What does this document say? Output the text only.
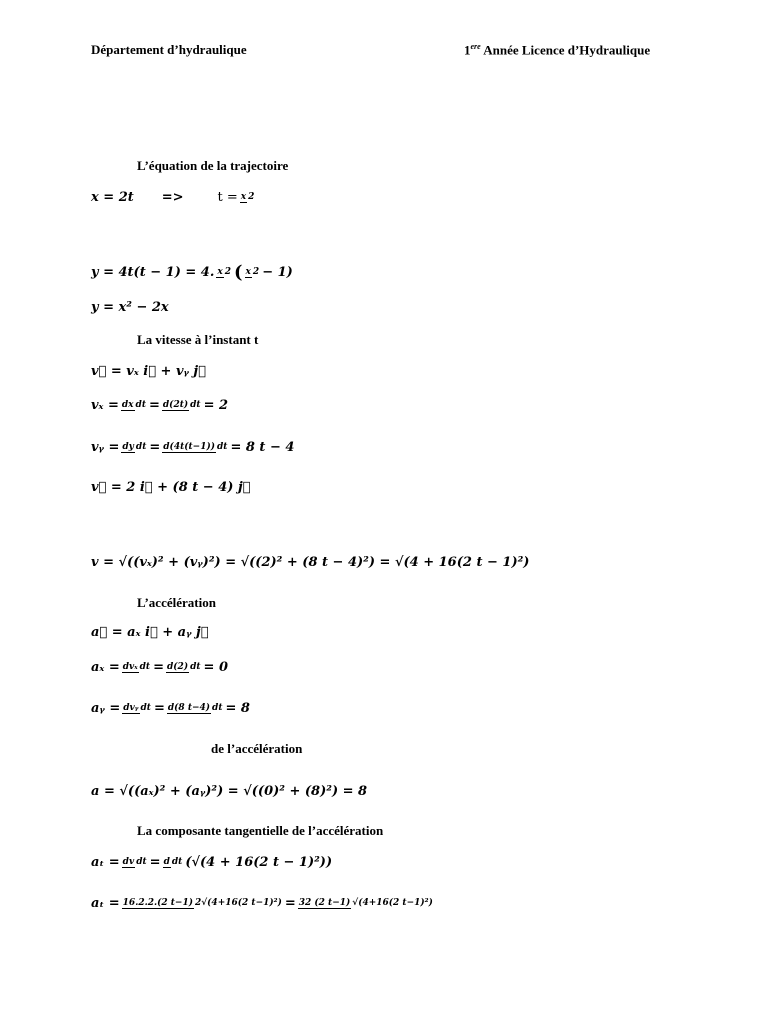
Département d’hydraulique	1ere Année Licence d’Hydraulique
L’équation de la trajectoire
x = 2t =>	t = x 2
y = 4t(t − 1) = 4. x 2 ( x 2 − 1)
y = x² − 2x
La vitesse à l’instant t
v⃗ = vₓ i⃗ + vᵧ j⃗
vₓ = dx dt = d(2t) dt = 2
vᵧ = dy dt = d(4t(t−1)) dt = 8 t − 4
v⃗ = 2 i⃗ + (8 t − 4) j⃗
v = √((vₓ)² + (vᵧ)²) = √((2)² + (8 t − 4)²) = √(4 + 16(2 t − 1)²)
L’accélération
a⃗ = aₓ i⃗ + aᵧ j⃗
aₓ = dvₓ dt = d(2) dt = 0
aᵧ = dvᵧ dt = d(8 t−4) dt = 8
de l’accélération
a = √((aₓ)² + (aᵧ)²) = √((0)² + (8)²) = 8
La composante tangentielle de l’accélération
aₜ = dv dt = d dt (√(4 + 16(2 t − 1)²))
aₜ = 16.2.2.(2 t−1) 2√(4+16(2 t−1)²) = 32 (2 t−1) √(4+16(2 t−1)²)
